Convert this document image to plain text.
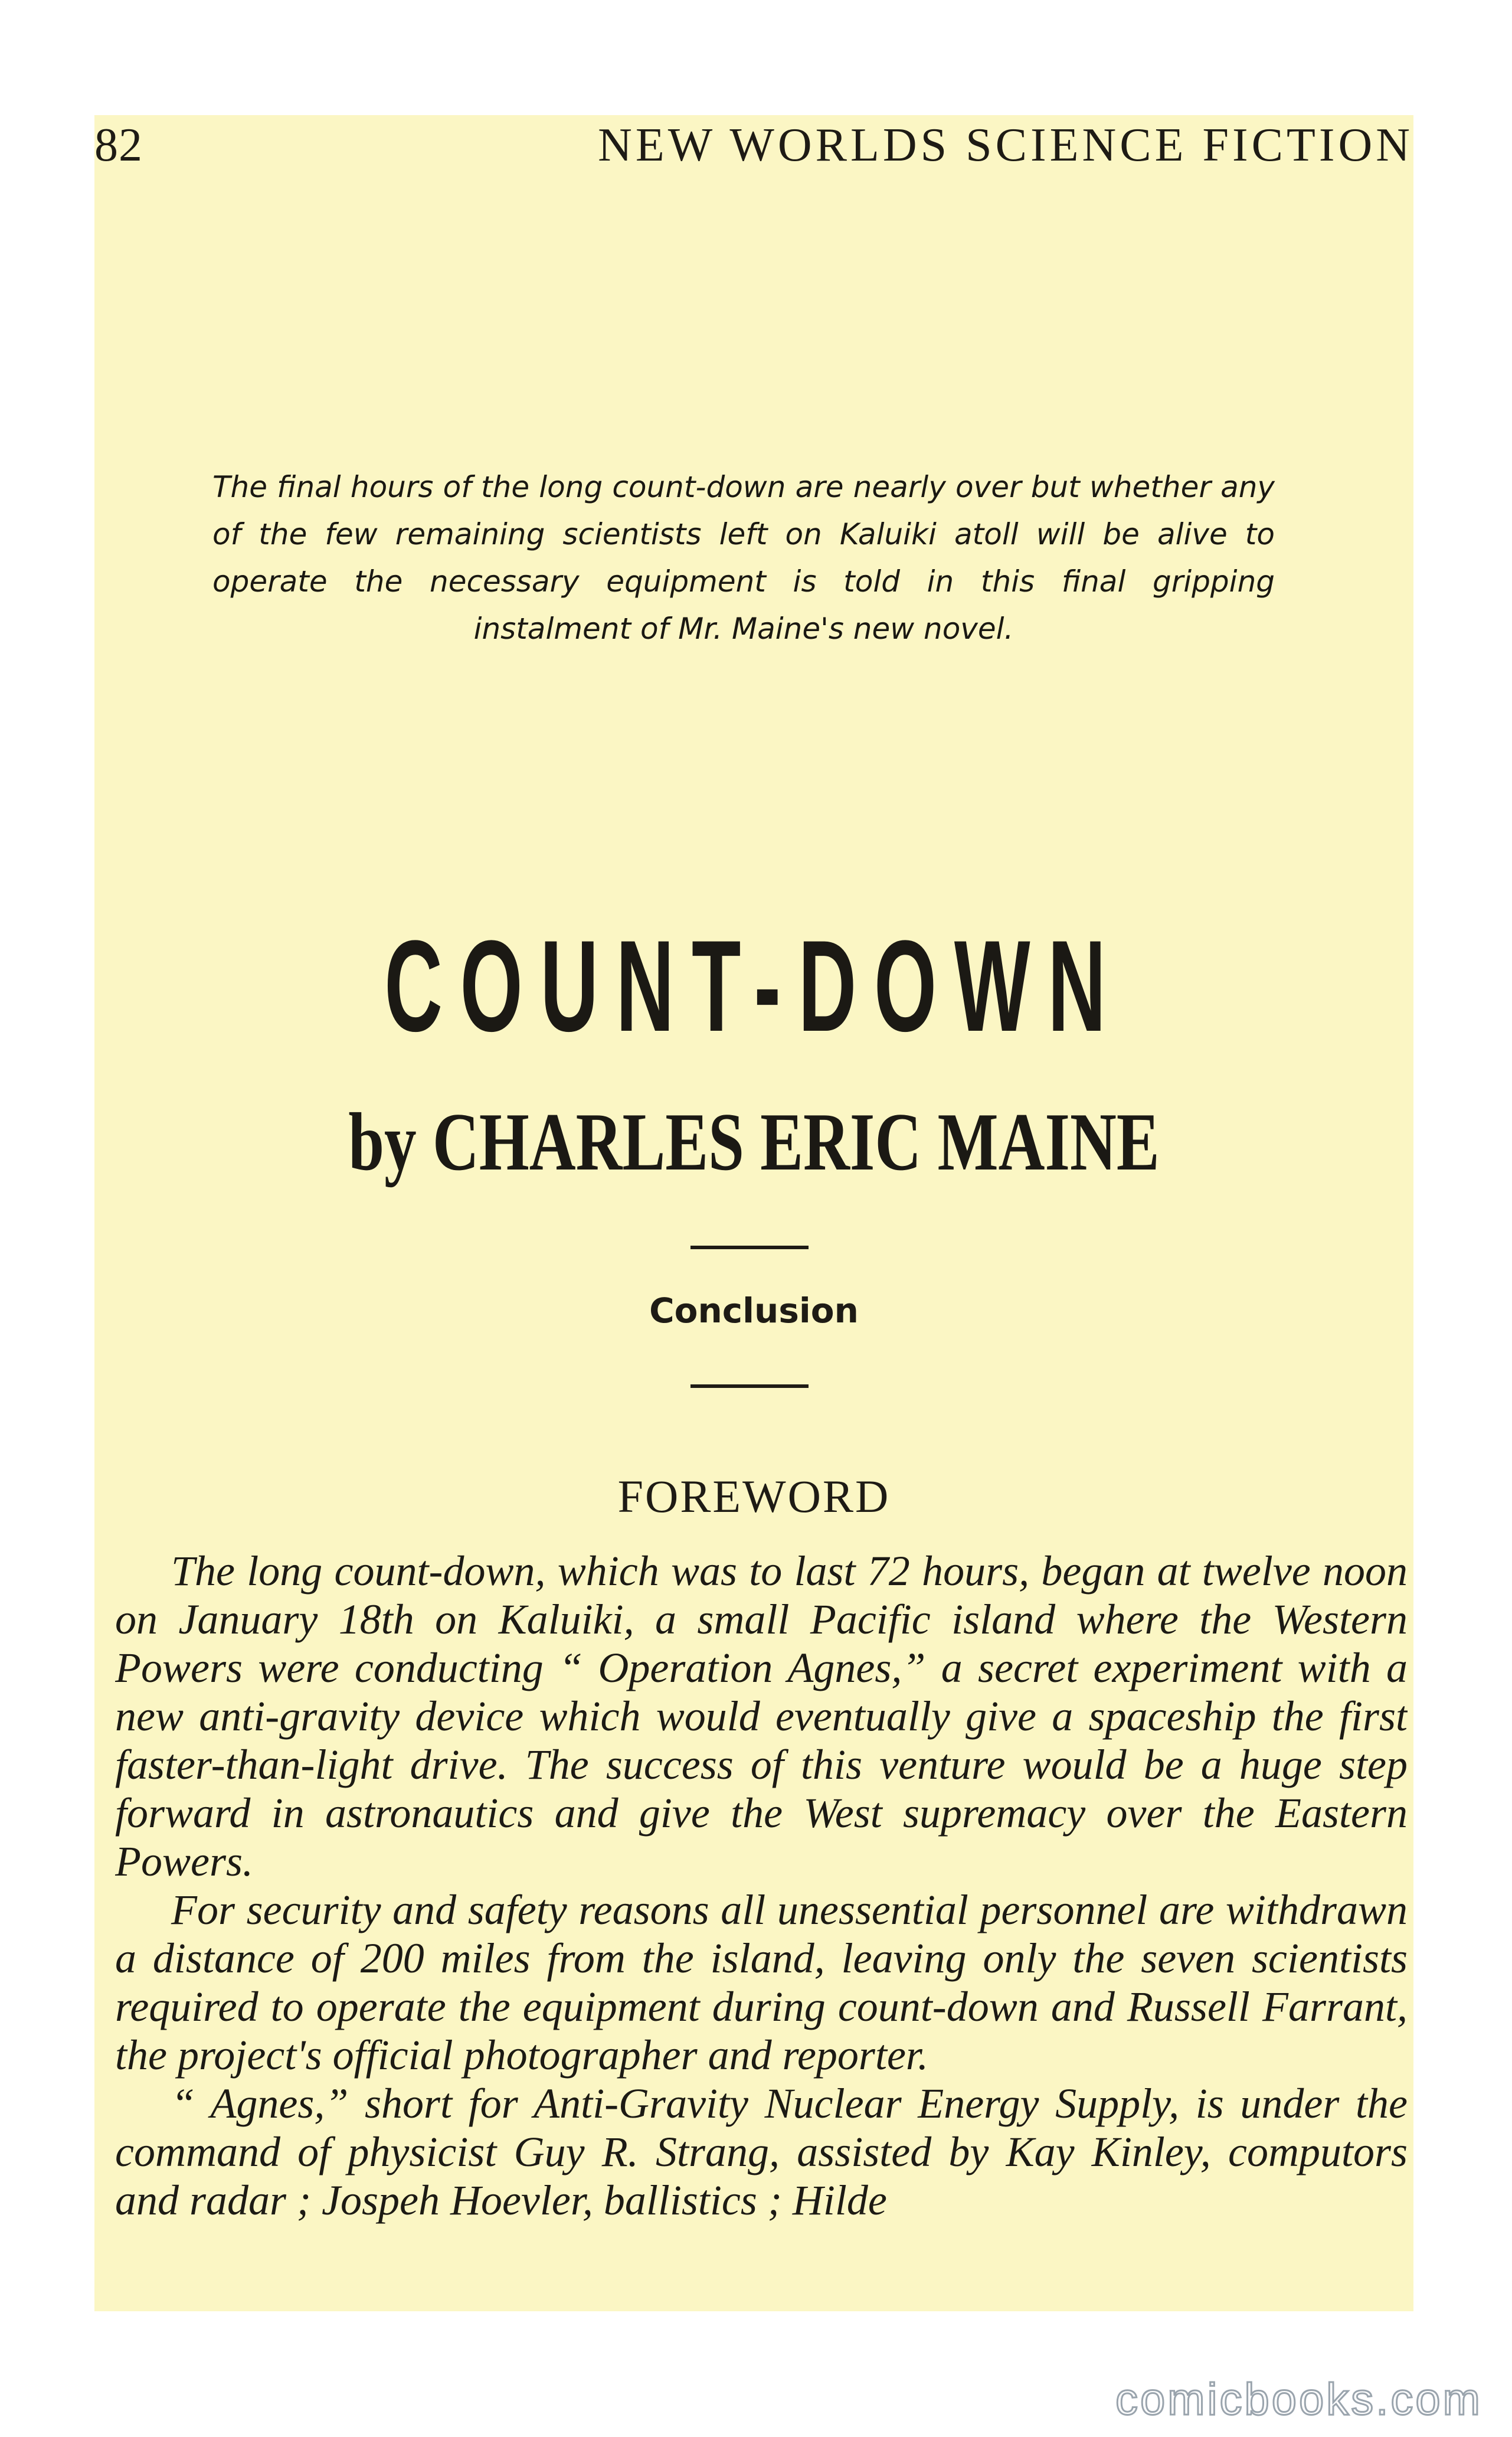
82	NEW WORLDS SCIENCE FICTION
The final hours of the long count-down are nearly over but whether any of the few remaining scientists left on Kaluiki atoll will be alive to operate the necessary equipment is told in this final gripping instalment of Mr. Maine's new novel.
COUNT-DOWN
by CHARLES ERIC MAINE
Conclusion
FOREWORD

The long count-down, which was to last 72 hours, began at twelve noon on January 18th on Kaluiki, a small Pacific island where the Western Powers were conducting “ Operation Agnes,” a secret experiment with a new anti-gravity device which would eventually give a spaceship the first faster-than-light drive. The success of this venture would be a huge step forward in astronautics and give the West supremacy over the Eastern Powers.

For security and safety reasons all unessential personnel are withdrawn a distance of 200 miles from the island, leaving only the seven scientists required to operate the equipment during count-down and Russell Farrant, the project's official photographer and reporter.

“ Agnes,” short for Anti-Gravity Nuclear Energy Supply, is under the command of physicist Guy R. Strang, assisted by Kay Kinley, computors and radar ; Jospeh Hoevler, ballistics ; Hilde

comicbooks.com
